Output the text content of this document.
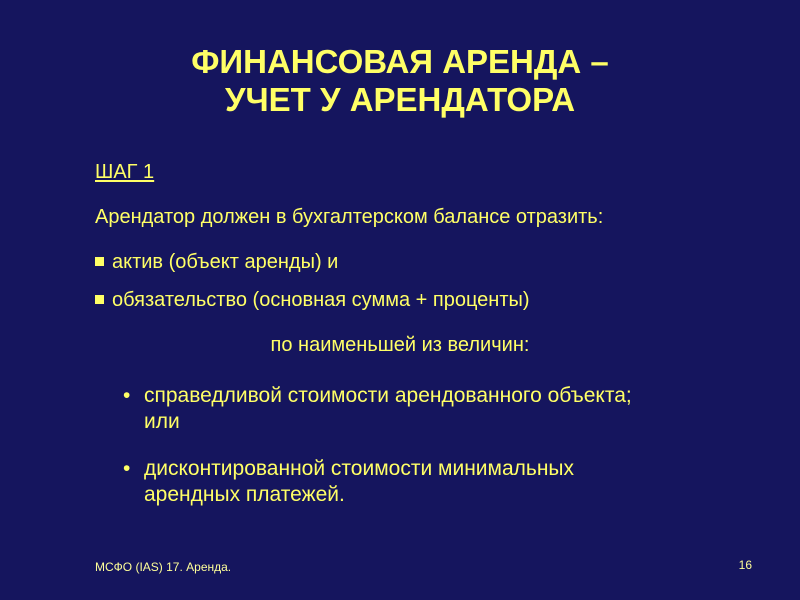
ФИНАНСОВАЯ АРЕНДА –
УЧЕТ У АРЕНДАТОРА
ШАГ 1
Арендатор должен в бухгалтерском балансе отразить:
актив (объект аренды) и
обязательство (основная сумма + проценты)
по наименьшей из величин:
• справедливой стоимости арендованного объекта;
или
• дисконтированной стоимости минимальных
арендных платежей.
МСФО (IAS) 17. Аренда.	16
